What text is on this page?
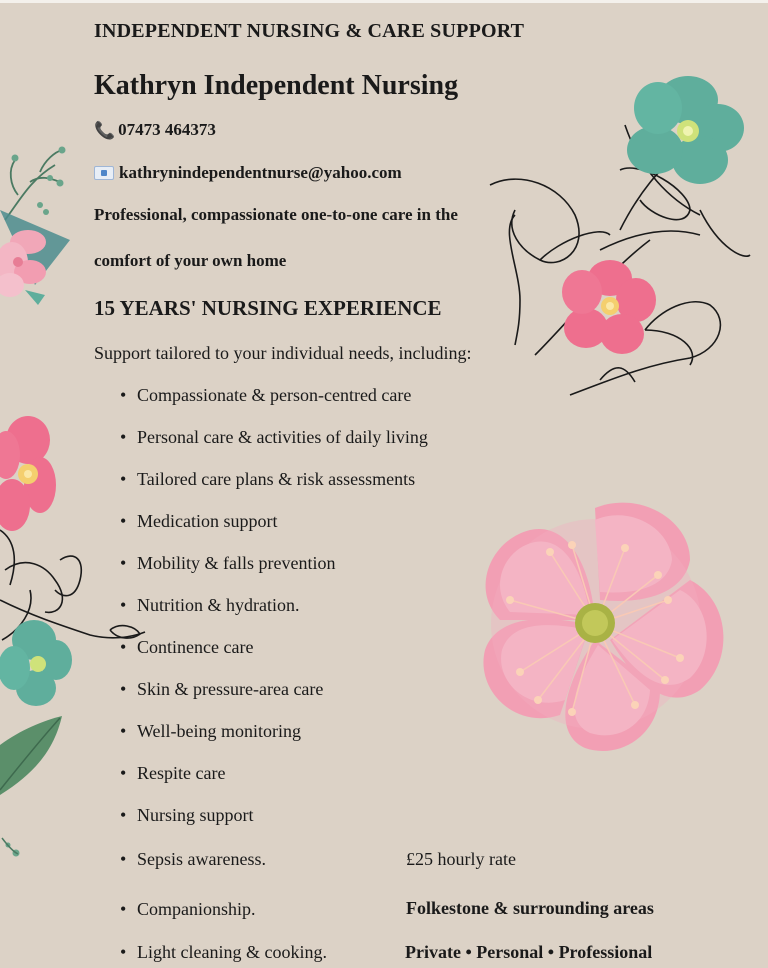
INDEPENDENT NURSING & CARE SUPPORT
Kathryn Independent Nursing
📞 07473 464373
kathrynindependentnurse@yahoo.com
Professional, compassionate one-to-one care in the
comfort of your own home
15 YEARS' NURSING EXPERIENCE
Support tailored to your individual needs, including:
• Compassionate & person-centred care
• Personal care & activities of daily living
• Tailored care plans & risk assessments
• Medication support
• Mobility & falls prevention
• Nutrition & hydration.
• Continence care
• Skin & pressure-area care
• Well-being monitoring
• Respite care
• Nursing support
• Sepsis awareness.
• Companionship.
• Light cleaning & cooking.
£25 hourly rate
Folkestone & surrounding areas
Private • Personal • Professional
